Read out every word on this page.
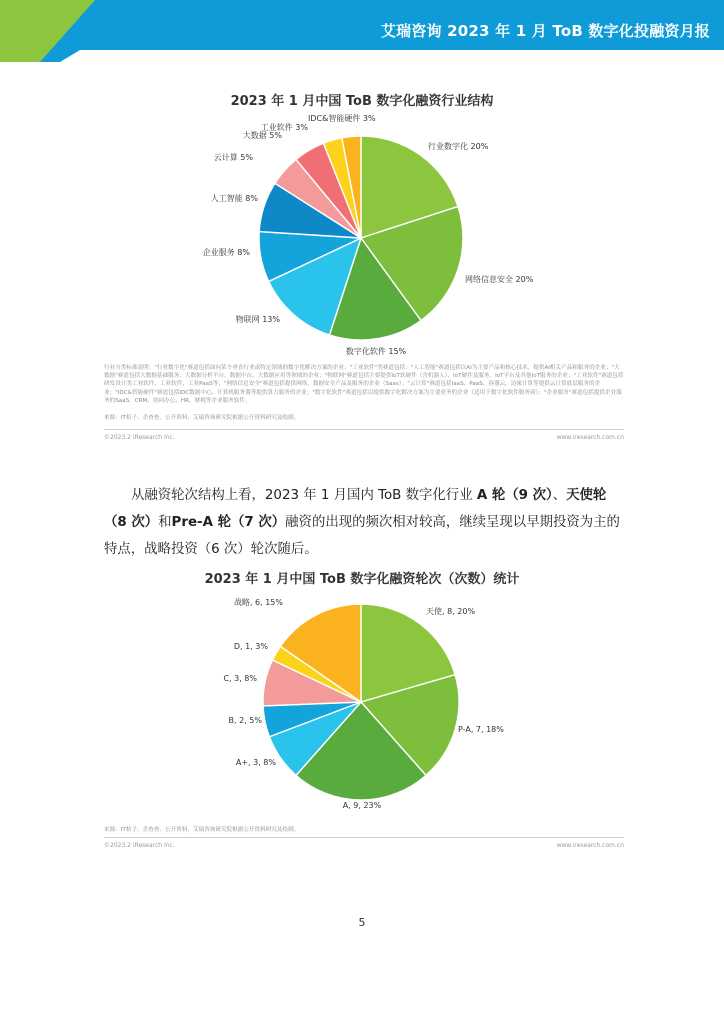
艾瑞咨询 2023 年 1 月 ToB 数字化投融资月报
2023 年 1 月中国 ToB 数字化融资行业结构
行业数字化 20%
网络信息安全 20%
数字化软件 15%
物联网 13%
企业服务 8%
人工智能 8%
云计算 5%
大数据 5%
工业软件 3%
IDC&智能硬件 3%
行业分类标准说明："行业数字化"赛道包括面向某个垂直行业或特定领域的数字化解决方案的企业；"工业软件"类赛道包括："人工智能"赛道包括以AI为主要产品和核心技术、提供AI相关产品和服务的企业；"大数据"赛道包括大数据基础服务、大数据分析平台、数据中台、大数据应用等领域的企业；"物联网"赛道包括主要提供IoT软硬件（含机器人）、IoT硬件及服务、IoT平台及其他IoT服务的企业；"工业软件"赛道包括研发设计类工业软件、工业软件、工业PaaS等；"网络信息安全"赛道包括提供网络、数据安全产品及服务的企业（Saas）；"云计算"赛道包括IaaS、PaaS、容器云、边缘计算等提供云计算底层服务的企业；"IDC&智能硬件"赛道包括IDC数据中心、计算机服务器等提供算力服务的企业；"数字化软件"赛道包括以提供数字化解决方案为主要业务的企业（适用于数字化软件服务商）；"企业服务"赛道包括提供企业服务的SaaS、CRM、协同办公、HR、财税等企业服务软件。
来源：IT桔子、企查查、公开资料，艾瑞咨询研究院根据公开资料研究及绘制。
©2023.2 iResearch Inc.	www.iresearch.com.cn
从融资轮次结构上看，2023 年 1 月国内 ToB 数字化行业 A 轮（9 次）、天使轮（8 次）和Pre-A 轮（7 次）融资的出现的频次相对较高，继续呈现以早期投资为主的特点，战略投资（6 次）轮次随后。
2023 年 1 月中国 ToB 数字化融资轮次（次数）统计
天使, 8, 20%
P-A, 7, 18%
A, 9, 23%
A+, 3, 8%
B, 2, 5%
C, 3, 8%
D, 1, 3%
战略, 6, 15%
来源：IT桔子、企查查、公开资料，艾瑞咨询研究院根据公开资料研究及绘制。
©2023.2 iResearch Inc.	www.iresearch.com.cn
5
